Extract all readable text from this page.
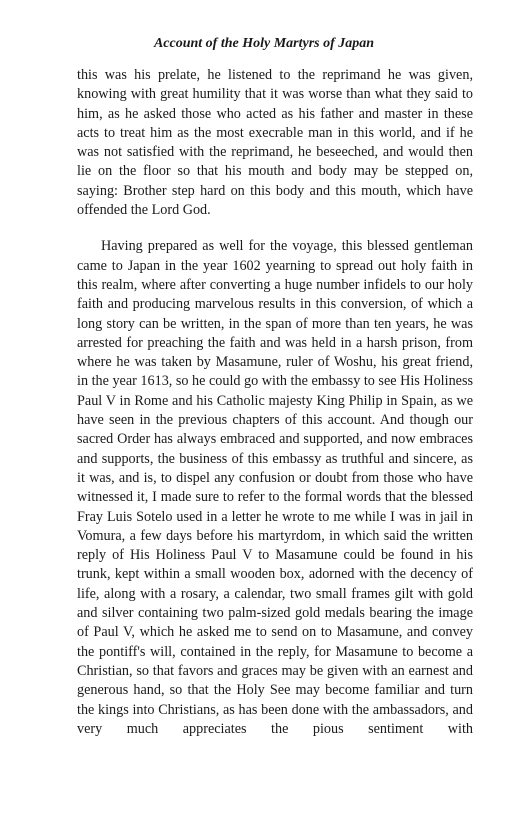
Account of the Holy Martyrs of Japan

this was his prelate, he listened to the reprimand he was given, knowing with great humility that it was worse than what they said to him, as he asked those who acted as his father and master in these acts to treat him as the most execrable man in this world, and if he was not satisfied with the reprimand, he beseeched, and would then lie on the floor so that his mouth and body may be stepped on, saying: Brother step hard on this body and this mouth, which have offended the Lord God.

Having prepared as well for the voyage, this blessed gentleman came to Japan in the year 1602 yearning to spread out holy faith in this realm, where after converting a huge number infidels to our holy faith and producing marvelous results in this conversion, of which a long story can be written, in the span of more than ten years, he was arrested for preaching the faith and was held in a harsh prison, from where he was taken by Masamune, ruler of Woshu, his great friend, in the year 1613, so he could go with the embassy to see His Holiness Paul V in Rome and his Catholic majesty King Philip in Spain, as we have seen in the previous chapters of this account. And though our sacred Order has always embraced and supported, and now embraces and supports, the business of this embassy as truthful and sincere, as it was, and is, to dispel any confusion or doubt from those who have witnessed it, I made sure to refer to the formal words that the blessed Fray Luis Sotelo used in a letter he wrote to me while I was in jail in Vomura, a few days before his martyrdom, in which said the written reply of His Holiness Paul V to Masamune could be found in his trunk, kept within a small wooden box, adorned with the decency of life, along with a rosary, a calendar, two small frames gilt with gold and silver containing two palm-sized gold medals bearing the image of Paul V, which he asked me to send on to Masamune, and convey the pontiff's will, contained in the reply, for Masamune to become a Christian, so that favors and graces may be given with an earnest and generous hand, so that the Holy See may become familiar and turn the kings into Christians, as has been done with the ambassadors, and very much appreciates the pious sentiment with
